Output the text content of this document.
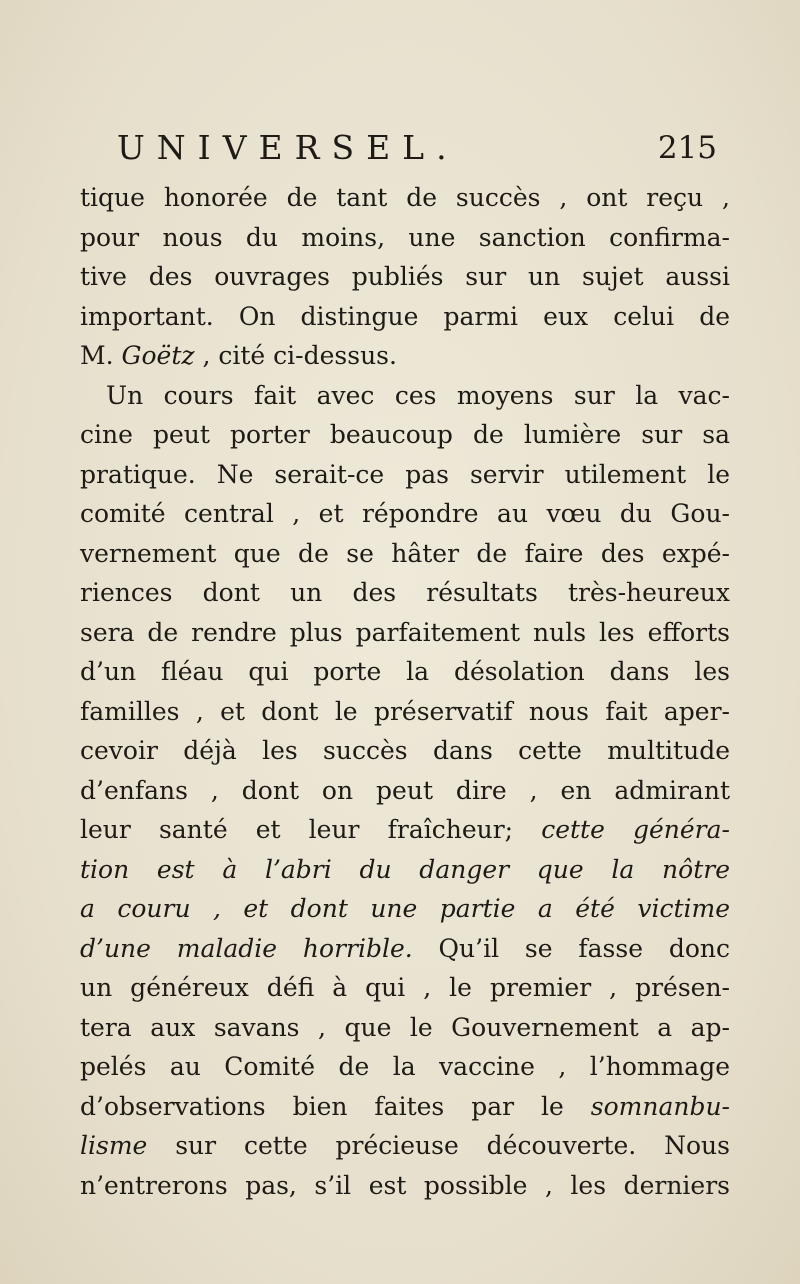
UNIVERSEL.	215
tique honorée de tant de succès , ont reçu ,
pour nous du moins, une sanction confirma-
tive des ouvrages publiés sur un sujet aussi
important. On distingue parmi eux celui de
M. Goëtz , cité ci-dessus.
Un cours fait avec ces moyens sur la vac-
cine peut porter beaucoup de lumière sur sa
pratique. Ne serait-ce pas servir utilement le
comité central , et répondre au vœu du Gou-
vernement que de se hâter de faire des expé-
riences dont un des résultats très-heureux
sera de rendre plus parfaitement nuls les efforts
d’un fléau qui porte la désolation dans les
familles , et dont le préservatif nous fait aper-
cevoir déjà les succès dans cette multitude
d’enfans , dont on peut dire , en admirant
leur santé et leur fraîcheur; cette généra-
tion est à l’abri du danger que la nôtre
a couru , et dont une partie a été victime
d’une maladie horrible. Qu’il se fasse donc
un généreux défi à qui , le premier , présen-
tera aux savans , que le Gouvernement a ap-
pelés au Comité de la vaccine , l’hommage
d’observations bien faites par le somnanbu-
lisme sur cette précieuse découverte. Nous
n’entrerons pas, s’il est possible , les derniers
